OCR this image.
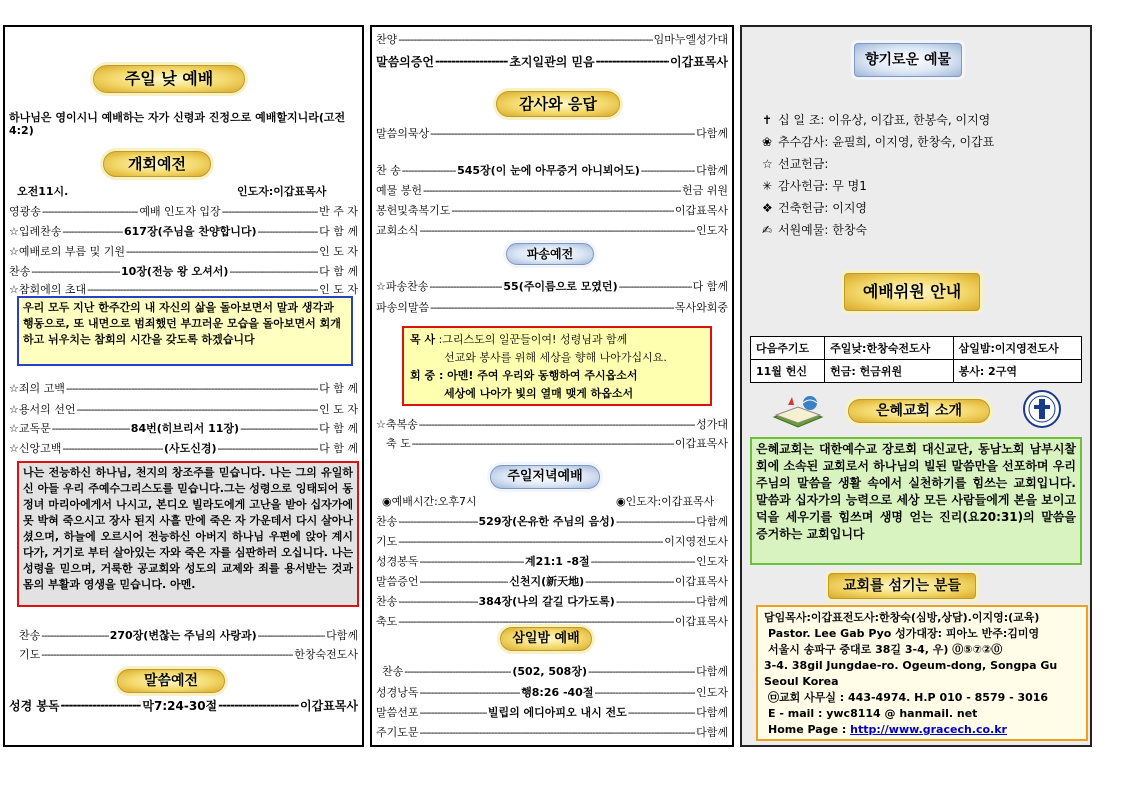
주일 낮 예배
하나님은 영이시니 예배하는 자가 신령과 진정으로 예배할지니라(고전4:2)
개회예전
오전11시.	인도자:이갑표목사
영광송 -----	예배 인도자 입장 -----	반 주 자
☆입례찬송 -----	617장(주님을 찬양합니다) -----	다 함 께
☆예배로의 부름 및 기원 -----	인 도 자
찬송 -----	10장(전능 왕 오셔서) -----	다 함 께
☆참회에의 초대 -----	인 도 자
우리 모두 지난 한주간의 내 자신의 삶을 돌아보면서 말과 생각과 행동으로, 또 내면으로 범죄했던 부끄러운 모습을 돌아보면서 회개하고 뉘우치는 참회의 시간을 갖도록 하겠습니다
☆죄의 고백 -----	다 함 께
☆용서의 선언 -----	인 도 자
☆교독문 -----	84번(히브리서 11장) -----	다 함 께
☆신앙고백 -----	(사도신경) -----	다 함 께
나는 전능하신 하나님, 천지의 창조주를 믿습니다. 나는 그의 유일하신 아들 우리 주예수그리스도를 믿습니다.그는 성령으로 잉태되어 동정녀 마리아에게서 나시고, 본디오 빌라도에게 고난을 받아 십자가에 못 박혀 죽으시고 장사 된지 사흘 만에 죽은 자 가운데서 다시 살아나셨으며, 하늘에 오르시어 전능하신 아버지 하나님 우편에 앉아 계시다가, 거기로 부터 살아있는 자와 죽은 자를 심판하러 오십니다. 나는 성령을 믿으며, 거룩한 공교회와 성도의 교제와 죄를 용서받는 것과 몸의 부활과 영생을 믿습니다. 아멘.
찬송 -----	270장(변찮는 주님의 사랑과) -----	다함께
기도 -----	한창숙전도사
말씀예전
성경 봉독 -----	막7:24-30절 -----	이갑표목사
찬양 -----	임마누엘성가대
말씀의증언 -----	초지일관의 믿음 -----	이갑표목사
감사와 응답
말씀의묵상 -----	다함께
찬 송 -----	545장(이 눈에 아무증거 아니뵈어도) -----	다함께
예물 봉헌 -----	헌금 위원
봉헌및축복기도 -----	이갑표목사
교회소식 -----	인도자
파송예전
☆파송찬송 -----	55(주이름으로 모였던) -----	다 함께
파송의말씀 -----	목사와회중
목 사 :그리스도의 일꾼들이여! 성령님과 함께
선교와 봉사를 위해 세상을 향해 나아가십시요.
회 중 : 아멘! 주여 우리와 동행하여 주시옵소서
세상에 나아가 빛의 열매 맺게 하옵소서
☆축복송 -----	성가대
축 도 -----	이갑표목사
주일저녁예배
◉예배시간:오후7시	◉인도자:이갑표목사
찬송 -----	529장(온유한 주님의 음성) -----	다함께
기도 -----	이지영전도사
성경봉독 -----	계21:1 -8절 -----	인도자
말씀증언 -----	신천지(新天地) -----	이갑표목사
찬송 -----	384장(나의 갈길 다가도록) -----	다함께
축도 -----	이갑표목사
삼일밤 예배
찬송 -----	(502, 508장) -----	다함께
성경낭독 -----	행8:26 -40절 -----	인도자
말씀선포 -----	빌립의 에디아피오 내시 전도 -----	다함께
주기도문 -----	다함께
향기로운 예물
✝ 십 일 조: 이유상, 이갑표, 한봉숙, 이지영
❀ 추수감사: 윤필희, 이지영, 한창숙, 이갑표
☆ 선교헌금:
✳ 감사헌금: 무 명1
❖ 건축헌금: 이지영
✍ 서원예물: 한창숙
예배위원 안내
다음주기도	주일낮:한창숙전도사	삼일밤:이지영전도사
11월 헌신	헌금: 헌금위원	봉사: 2구역
은혜교회 소개
은혜교회는 대한예수교 장로회 대신교단, 동남노회 남부시찰회에 소속된 교회로서 하나님의 빌된 말씀만을 선포하며 우리 주님의 말씀을 생활 속에서 실천하기를 힘쓰는 교회입니다. 말씀과 십자가의 능력으로 세상 모든 사람들에게 본을 보이고 덕을 세우기를 힘쓰며 생명 얻는 진리(요20:31)의 말씀을 증거하는 교회입니다
교회를 섬기는 분들
담임목사:이갑표전도사:한창숙(심방,상담).이지영:(교육)
Pastor. Lee Gab Pyo 성가대장: 피아노 반주:김미영
서울시 송파구 중대로 38길 3-4, 우) ⓪⑤⑦②⓪
3-4. 38gil Jungdae-ro. Ogeum-dong, Songpa Gu
Seoul Korea
㉤교회 사무실 : 443-4974. H.P 010 - 8579 - 3016
E - mail : ywc8114 @ hanmail. net
Home Page : http://www.gracech.co.kr
